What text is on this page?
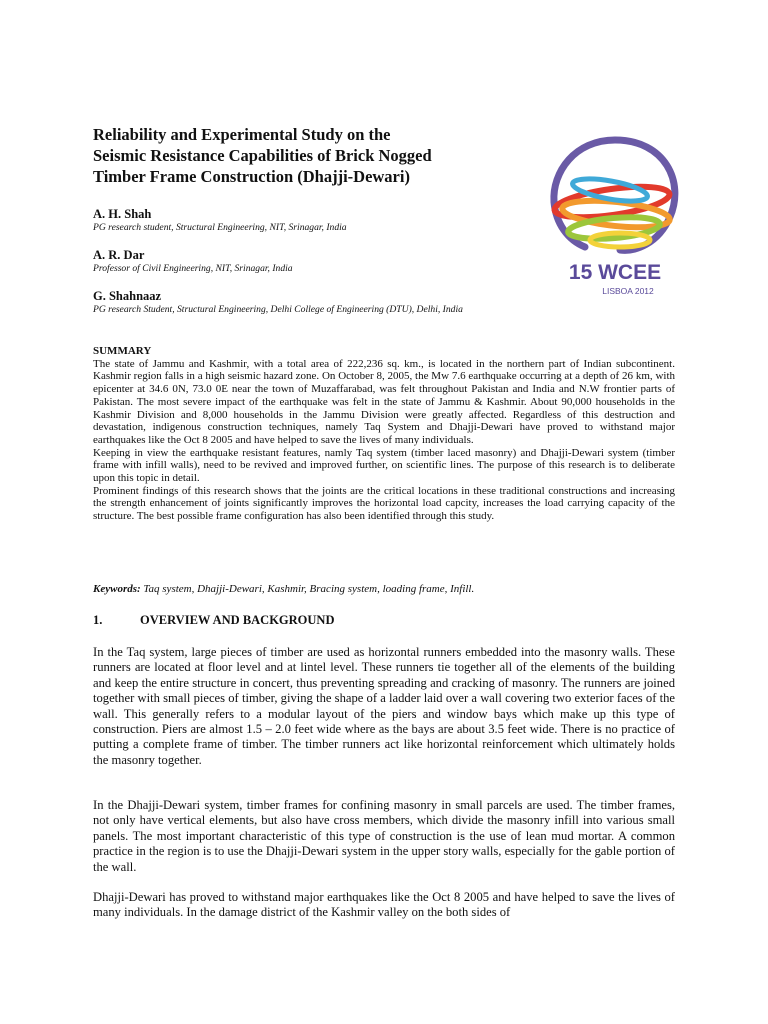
Reliability and Experimental Study on the
Seismic Resistance Capabilities of Brick Nogged
Timber Frame Construction (Dhajji-Dewari)
A. H. Shah
PG research student, Structural Engineering, NIT, Srinagar, India
A. R. Dar
Professor of Civil Engineering, NIT, Srinagar, India
G. Shahnaaz
PG research Student, Structural Engineering, Delhi College of Engineering (DTU), Delhi, India
15 WCEE
LISBOA 2012
SUMMARY

The state of Jammu and Kashmir, with a total area of 222,236 sq. km., is located in the northern part of Indian subcontinent. Kashmir region falls in a high seismic hazard zone. On October 8, 2005, the Mw 7.6 earthquake occurring at a depth of 26 km, with epicenter at 34.6 0N, 73.0 0E near the town of Muzaffarabad, was felt throughout Pakistan and India and N.W frontier parts of Pakistan. The most severe impact of the earthquake was felt in the state of Jammu & Kashmir. About 90,000 households in the Kashmir Division and 8,000 households in the Jammu Division were greatly affected. Regardless of this destruction and devastation, indigenous construction techniques, namely Taq System and Dhajji-Dewari have proved to withstand major earthquakes like the Oct 8 2005 and have helped to save the lives of many individuals.

Keeping in view the earthquake resistant features, namly Taq system (timber laced masonry) and Dhajji-Dewari system (timber frame with infill walls), need to be revived and improved further, on scientific lines. The purpose of this research is to deliberate upon this topic in detail.

Prominent findings of this research shows that the joints are the critical locations in these traditional constructions and increasing the strength enhancement of joints significantly improves the horizontal load capcity, increases the load carrying capacity of the structure. The best possible frame configuration has also been identified through this study.

Keywords: Taq system, Dhajji-Dewari, Kashmir, Bracing system, loading frame, Infill.
1.	OVERVIEW AND BACKGROUND

In the Taq system, large pieces of timber are used as horizontal runners embedded into the masonry walls. These runners are located at floor level and at lintel level. These runners tie together all of the elements of the building and keep the entire structure in concert, thus preventing spreading and cracking of masonry. The runners are joined together with small pieces of timber, giving the shape of a ladder laid over a wall covering two exterior faces of the wall. This generally refers to a modular layout of the piers and window bays which make up this type of construction. Piers are almost 1.5 – 2.0 feet wide where as the bays are about 3.5 feet wide. There is no practice of putting a complete frame of timber. The timber runners act like horizontal reinforcement which ultimately holds the masonry together.

In the Dhajji-Dewari system, timber frames for confining masonry in small parcels are used. The timber frames, not only have vertical elements, but also have cross members, which divide the masonry infill into various small panels. The most important characteristic of this type of construction is the use of lean mud mortar. A common practice in the region is to use the Dhajji-Dewari system in the upper story walls, especially for the gable portion of the wall.

Dhajji-Dewari has proved to withstand major earthquakes like the Oct 8 2005 and have helped to save the lives of many individuals. In the damage district of the Kashmir valley on the both sides of
